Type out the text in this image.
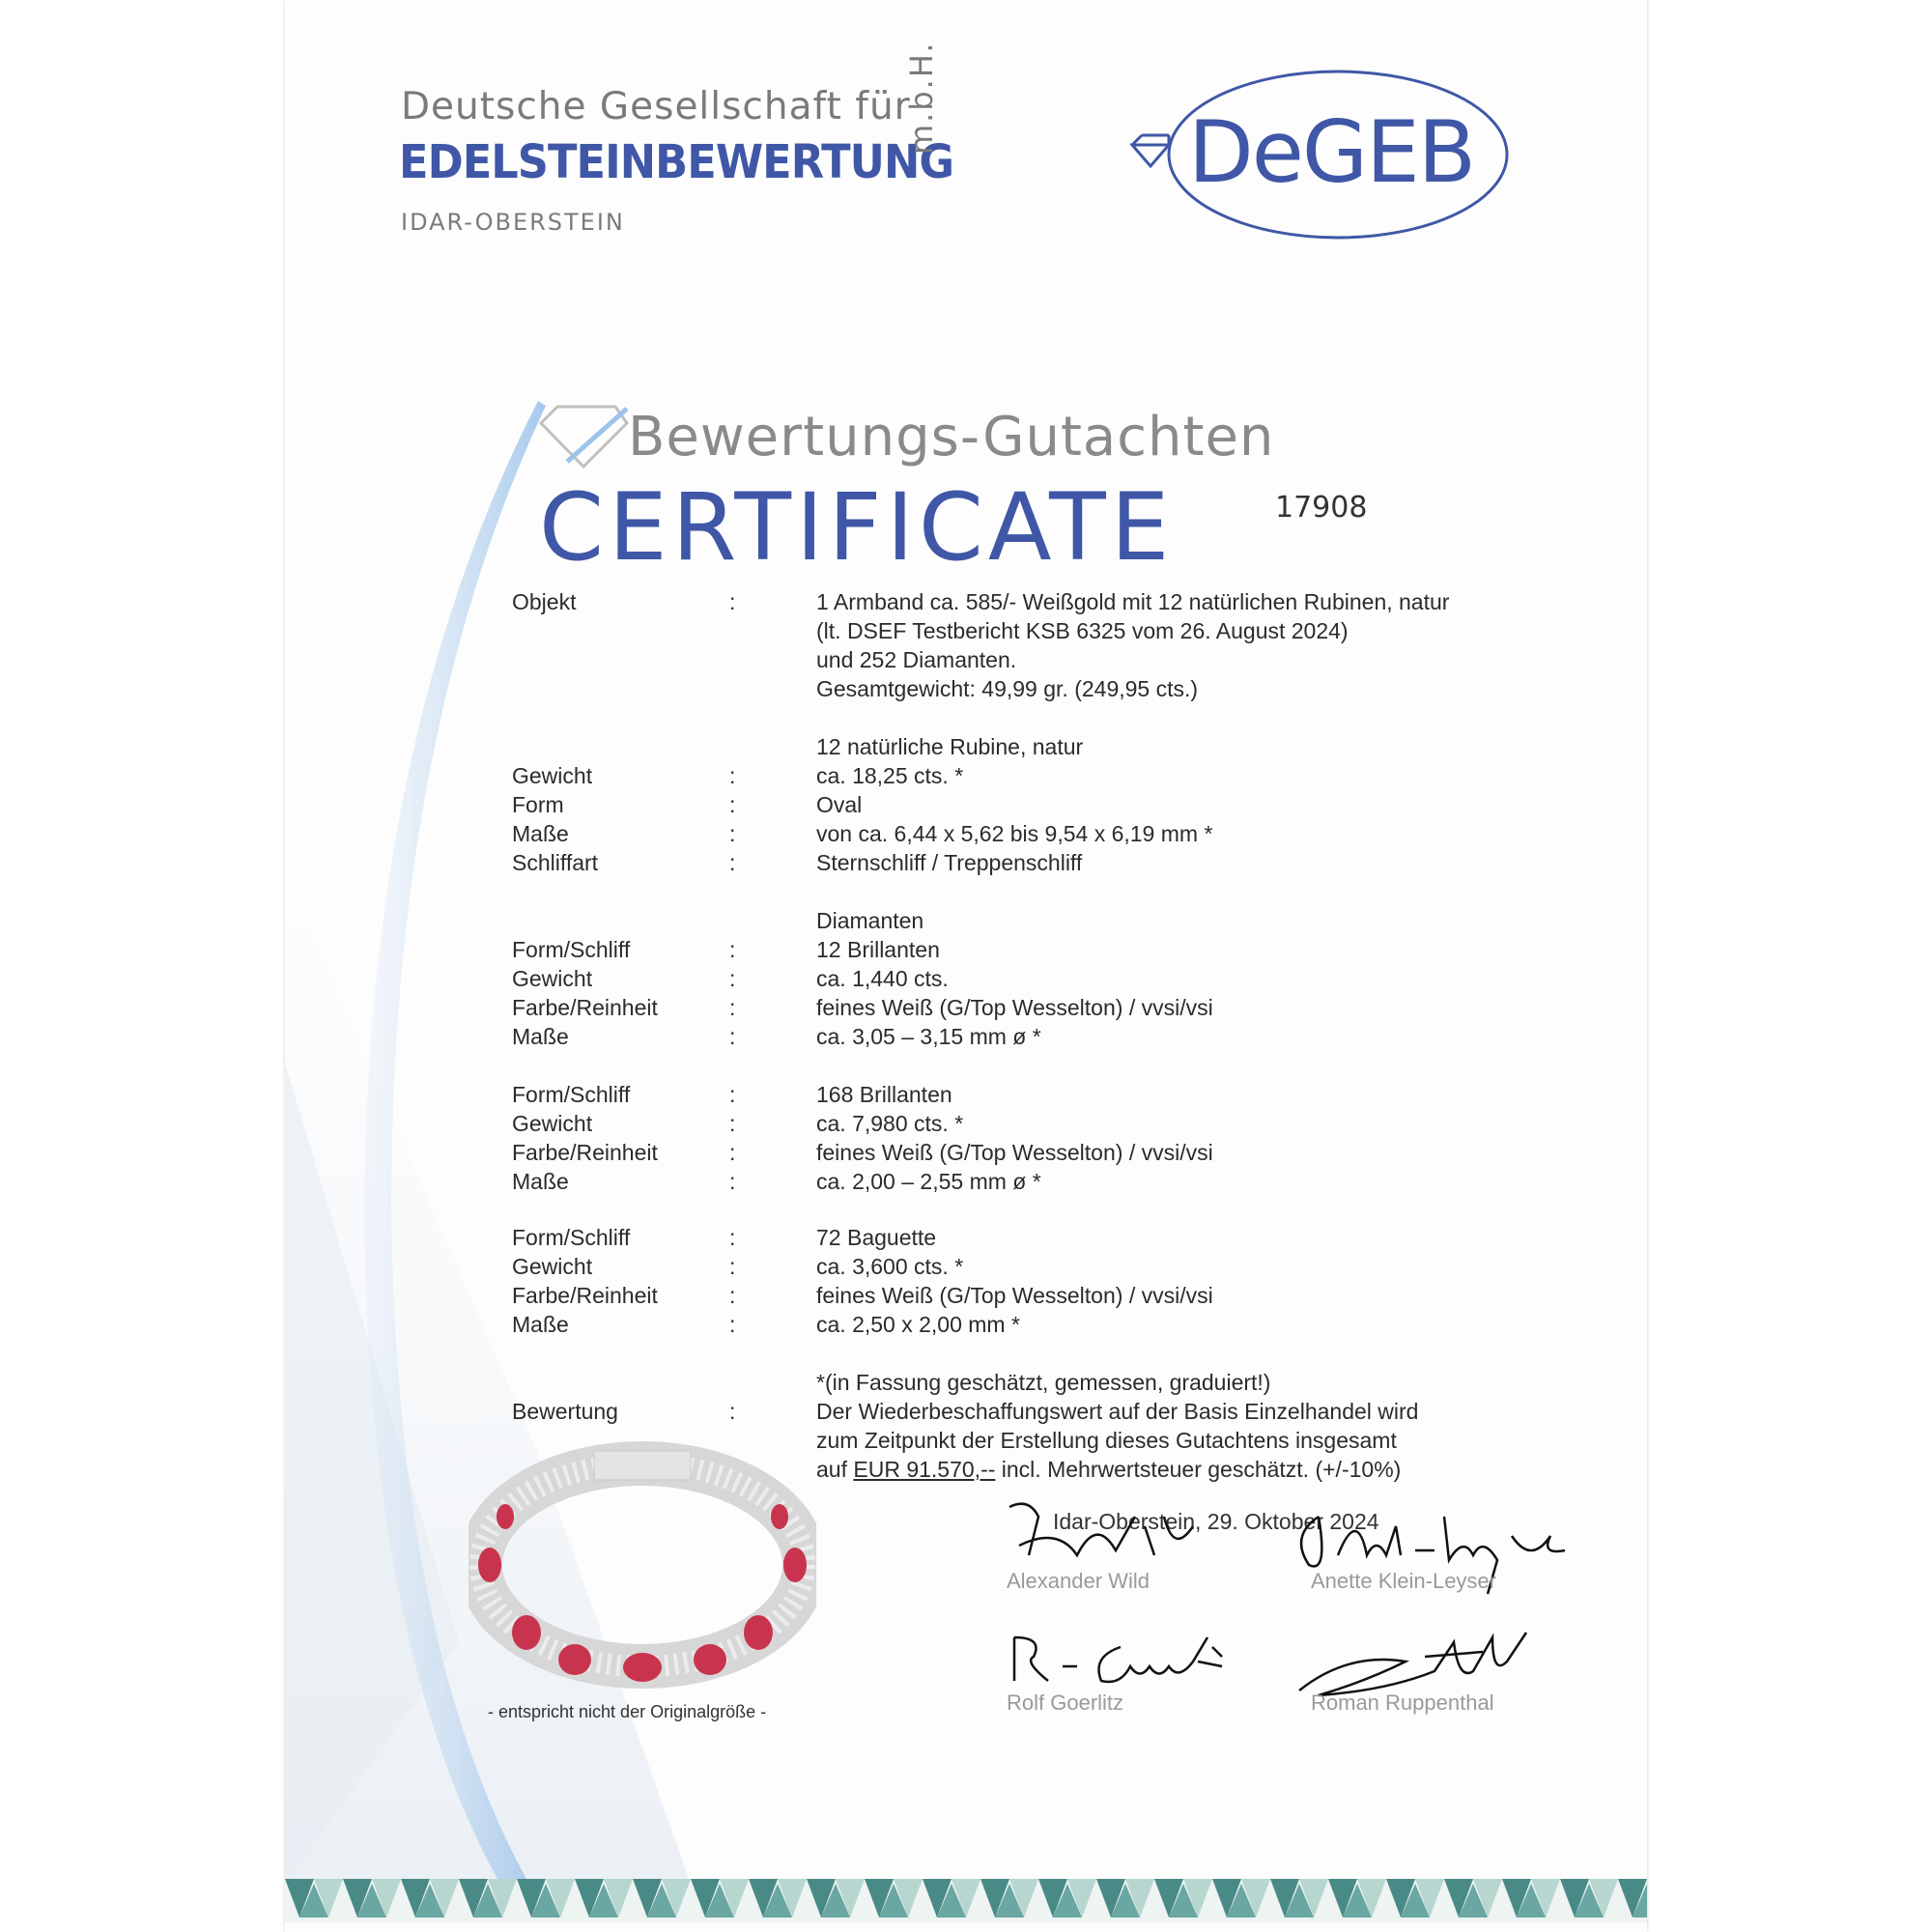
Deutsche Gesellschaft für
EDELSTEINBEWERTUNG
IDAR-OBERSTEIN
m.b.H.	DeGEB
Bewertungs-Gutachten
CERTIFICATE	17908
Objekt	:	1 Armband ca. 585/- Weißgold mit 12 natürlichen Rubinen, natur
(lt. DSEF Testbericht KSB 6325 vom 26. August 2024)
und 252 Diamanten.
Gesamtgewicht: 49,99 gr. (249,95 cts.)
12 natürliche Rubine, natur
Gewicht	:	ca. 18,25 cts. *
Form	:	Oval
Maße	:	von ca. 6,44 x 5,62 bis 9,54 x 6,19 mm *
Schliffart	:	Sternschliff / Treppenschliff
Diamanten
Form/Schliff	:	12 Brillanten
Gewicht	:	ca. 1,440 cts.
Farbe/Reinheit	:	feines Weiß (G/Top Wesselton) / vvsi/vsi
Maße	:	ca. 3,05 – 3,15 mm ø *
Form/Schliff	:	168 Brillanten
Gewicht	:	ca. 7,980 cts. *
Farbe/Reinheit	:	feines Weiß (G/Top Wesselton) / vvsi/vsi
Maße	:	ca. 2,00 – 2,55 mm ø *
Form/Schliff	:	72 Baguette
Gewicht	:	ca. 3,600 cts. *
Farbe/Reinheit	:	feines Weiß (G/Top Wesselton) / vvsi/vsi
Maße	:	ca. 2,50 x 2,00 mm *
*(in Fassung geschätzt, gemessen, graduiert!)
Bewertung	:	Der Wiederbeschaffungswert auf der Basis Einzelhandel wird
zum Zeitpunkt der Erstellung dieses Gutachtens insgesamt
auf EUR 91.570,-- incl. Mehrwertsteuer geschätzt. (+/-10%)
- entspricht nicht der Originalgröße -
Idar-Oberstein, 29. Oktober 2024
Alexander Wild	Anette Klein-Leyser
Rolf Goerlitz	Roman Ruppenthal
